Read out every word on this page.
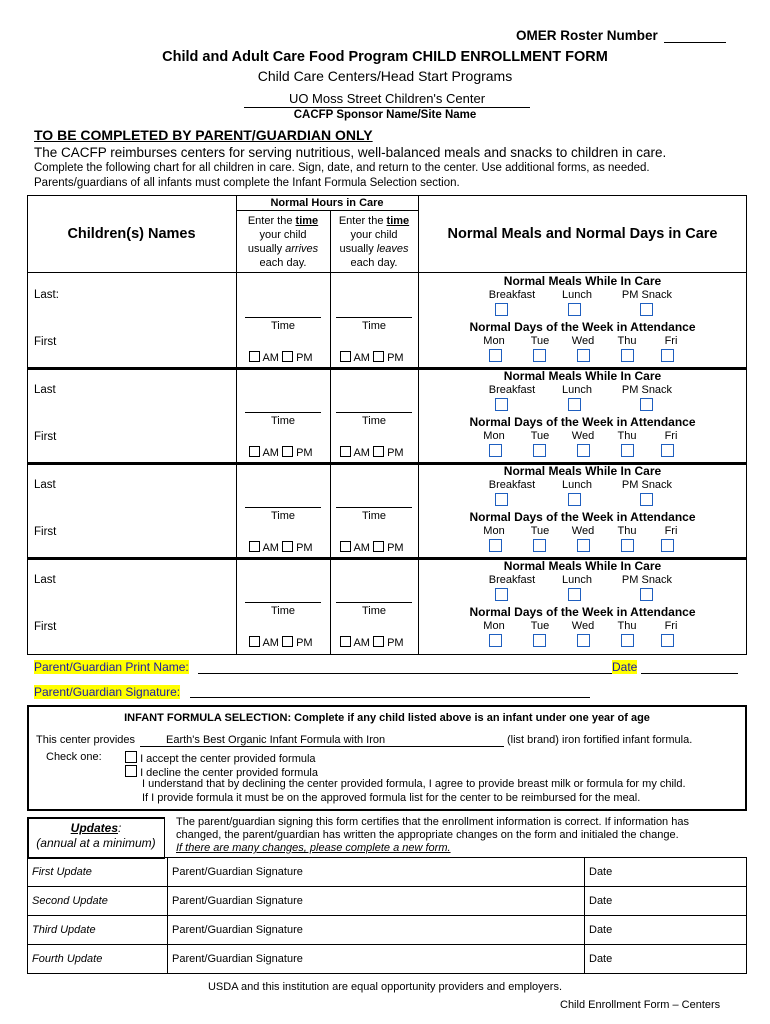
OMER Roster Number
Child and Adult Care Food Program CHILD ENROLLMENT FORM
Child Care Centers/Head Start Programs
UO Moss Street Children's Center
CACFP Sponsor Name/Site Name
TO BE COMPLETED BY PARENT/GUARDIAN ONLY
The CACFP reimburses centers for serving nutritious, well-balanced meals and snacks to children in care.
Complete the following chart for all children in care. Sign, date, and return to the center. Use additional forms, as needed.
Parents/guardians of all infants must complete the Infant Formula Selection section.
Children(s) Names
Normal Hours in Care
Enter the time
your child
usually arrives
each day.
Enter the time
your child
usually leaves
each day.
Normal Meals and Normal Days in Care
Last:
First
Time
AM PM
Time
AM PM
Normal Meals While In Care
Breakfast	Lunch	PM Snack
Normal Days of the Week in Attendance
Mon	Tue	Wed	Thu	Fri
Last
First
Time
AM PM
Time
AM PM
Normal Meals While In Care
Breakfast	Lunch	PM Snack
Normal Days of the Week in Attendance
Mon	Tue	Wed	Thu	Fri
Last
First
Time
AM PM
Time
AM PM
Normal Meals While In Care
Breakfast	Lunch	PM Snack
Normal Days of the Week in Attendance
Mon	Tue	Wed	Thu	Fri
Last
First
Time
AM PM
Time
AM PM
Normal Meals While In Care
Breakfast	Lunch	PM Snack
Normal Days of the Week in Attendance
Mon	Tue	Wed	Thu	Fri
Parent/Guardian Print Name:	Date
Parent/Guardian Signature:
INFANT FORMULA SELECTION: Complete if any child listed above is an infant under one year of age
This center provides	Earth's Best Organic Infant Formula with Iron	(list brand) iron fortified infant formula.
Check one:	I accept the center provided formula
I decline the center provided formula
I understand that by declining the center provided formula, I agree to provide breast milk or formula for my child.
If I provide formula it must be on the approved formula list for the center to be reimbursed for the meal.
Updates:
(annual at a minimum)
The parent/guardian signing this form certifies that the enrollment information is correct. If information has
changed, the parent/guardian has written the appropriate changes on the form and initialed the change.
If there are many changes, please complete a new form.
First Update	Parent/Guardian Signature	Date
Second Update	Parent/Guardian Signature	Date
Third Update	Parent/Guardian Signature	Date
Fourth Update	Parent/Guardian Signature	Date
USDA and this institution are equal opportunity providers and employers.
Child Enrollment Form – Centers
